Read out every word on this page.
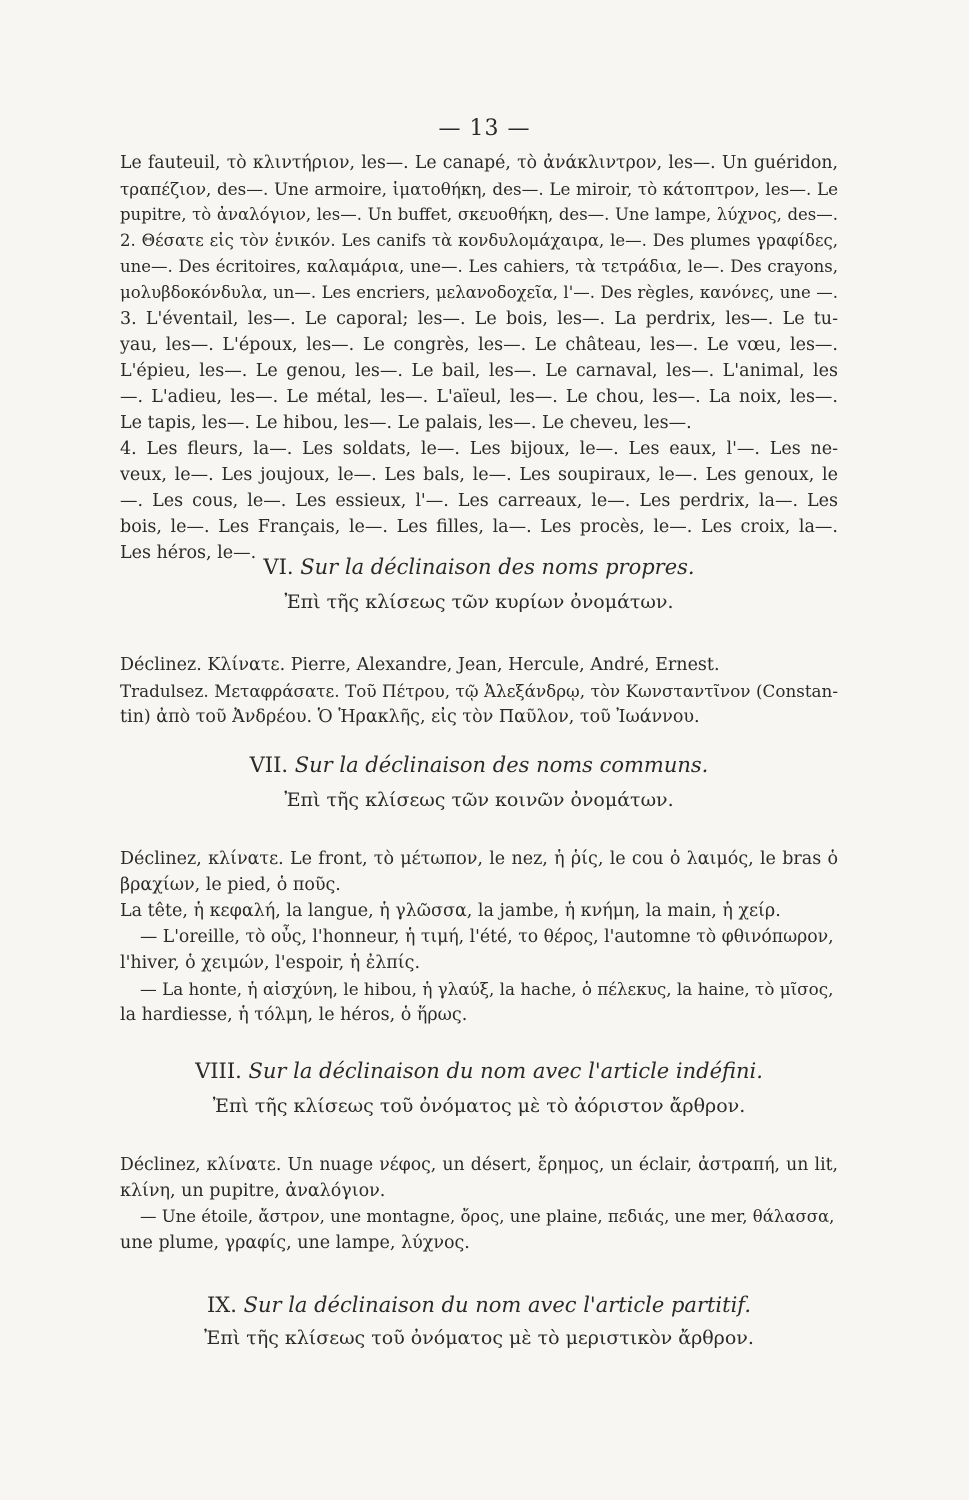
— 13 —
Le fauteuil, τὸ κλιντήριον, les—. Le canapé, τὸ ἀνάκλιντρον, les—. Un guéridon,
τραπέζιον, des—. Une armoire, ἱματοθήκη, des—. Le miroir, τὸ κάτοπτρον, les—. Le
pupitre, τὸ ἀναλόγιον, les—. Un buffet, σκευοθήκη, des—. Une lampe, λύχνος, des—.
2. Θέσατε εἰς τὸν ἑνικόν. Les canifs τὰ κονδυλομάχαιρα, le—. Des plumes γραφίδες,
une—. Des écritoires, καλαμάρια, une—. Les cahiers, τὰ τετράδια, le—. Des crayons,
μολυβδοκόνδυλα, un—. Les encriers, μελανοδοχεῖα, l'—. Des règles, κανόνες, une —.
3. L'éventail, les—. Le caporal; les—. Le bois, les—. La perdrix, les—. Le tu-
yau, les—. L'époux, les—. Le congrès, les—. Le château, les—. Le vœu, les—.
L'épieu, les—. Le genou, les—. Le bail, les—. Le carnaval, les—. L'animal, les
—. L'adieu, les—. Le métal, les—. L'aïeul, les—. Le chou, les—. La noix, les—.
Le tapis, les—. Le hibou, les—. Le palais, les—. Le cheveu, les—.
4. Les fleurs, la—. Les soldats, le—. Les bijoux, le—. Les eaux, l'—. Les ne-
veux, le—. Les joujoux, le—. Les bals, le—. Les soupiraux, le—. Les genoux, le
—. Les cous, le—. Les essieux, l'—. Les carreaux, le—. Les perdrix, la—. Les
bois, le—. Les Français, le—. Les filles, la—. Les procès, le—. Les croix, la—.
Les héros, le—.
VI. Sur la déclinaison des noms propres.
Ἐπὶ τῆς κλίσεως τῶν κυρίων ὀνομάτων.
Déclinez. Κλίνατε. Pierre, Alexandre, Jean, Hercule, André, Ernest.
Tradulsez. Μεταφράσατε. Τοῦ Πέτρου, τῷ Ἀλεξάνδρῳ, τὸν Κωνσταντῖνον (Constan-
tin) ἀπὸ τοῦ Ἀνδρέου. Ὁ Ἡρακλῆς, εἰς τὸν Παῦλον, τοῦ Ἰωάννου.
VII. Sur la déclinaison des noms communs.
Ἐπὶ τῆς κλίσεως τῶν κοινῶν ὀνομάτων.
Déclinez, κλίνατε. Le front, τὸ μέτωπον, le nez, ἡ ῥίς, le cou ὁ λαιμός, le bras ὁ
βραχίων, le pied, ὁ ποῦς.
La tête, ἡ κεφαλή, la langue, ἡ γλῶσσα, la jambe, ἡ κνήμη, la main, ἡ χείρ.
— L'oreille, τὸ οὖς, l'honneur, ἡ τιμή, l'été, το θέρος, l'automne τὸ φθινόπωρον,
l'hiver, ὁ χειμών, l'espoir, ἡ ἐλπίς.
— La honte, ἡ αἰσχύνη, le hibou, ἡ γλαύξ, la hache, ὁ πέλεκυς, la haine, τὸ μῖσος,
la hardiesse, ἡ τόλμη, le héros, ὁ ἥρως.
VIII. Sur la déclinaison du nom avec l'article indéfini.
Ἐπὶ τῆς κλίσεως τοῦ ὀνόματος μὲ τὸ ἀόριστον ἄρθρον.
Déclinez, κλίνατε. Un nuage νέφος, un désert, ἔρημος, un éclair, ἀστραπή, un lit,
κλίνη, un pupitre, ἀναλόγιον.
— Une étoile, ἄστρον, une montagne, ὄρος, une plaine, πεδιάς, une mer, θάλασσα,
une plume, γραφίς, une lampe, λύχνος.
IX. Sur la déclinaison du nom avec l'article partitif.
Ἐπὶ τῆς κλίσεως τοῦ ὀνόματος μὲ τὸ μεριστικὸν ἄρθρον.
